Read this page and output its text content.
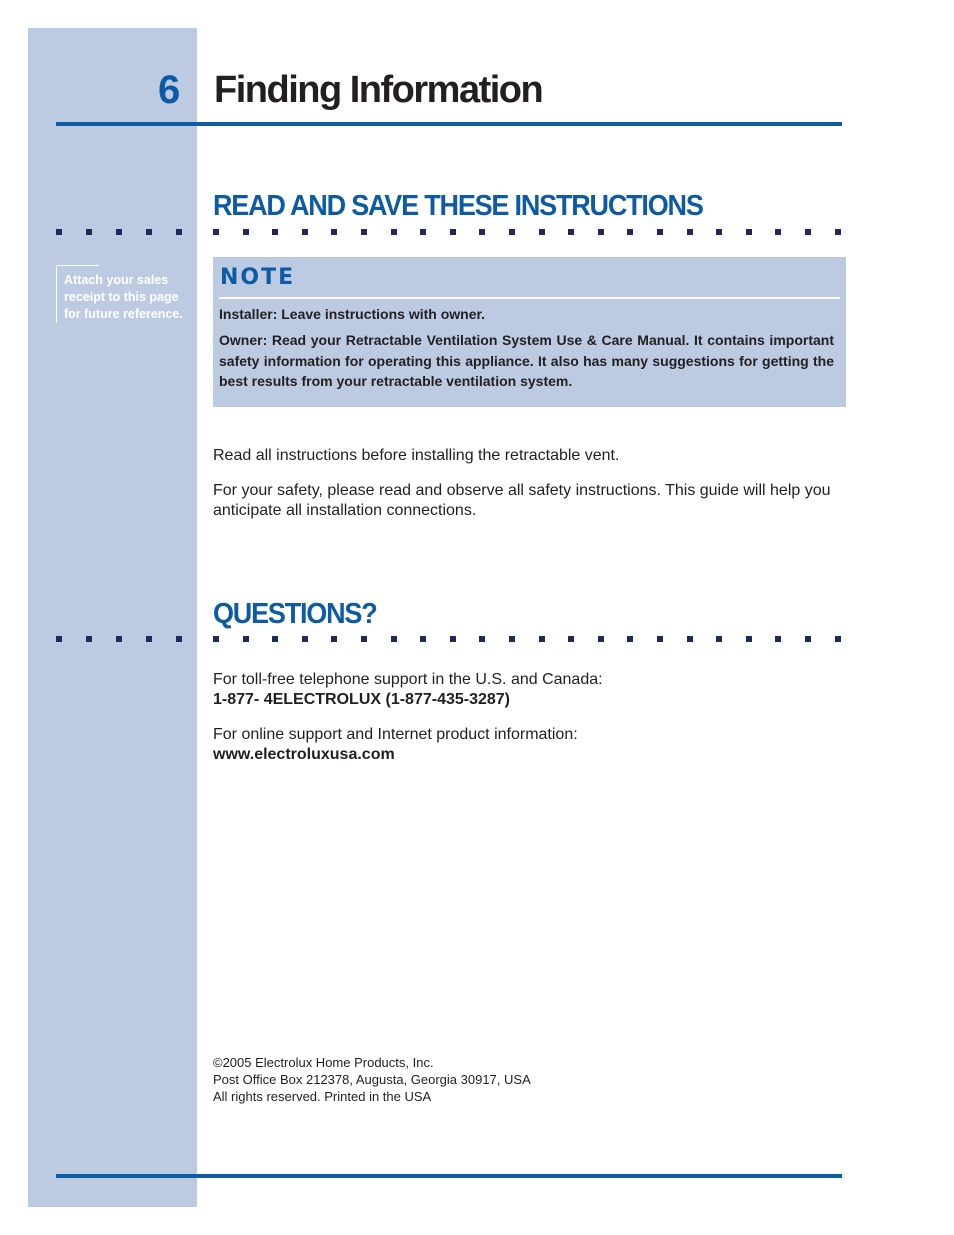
6 Finding Information
READ AND SAVE THESE INSTRUCTIONS
Attach your sales receipt to this page for future reference.
NOTE
Installer: Leave instructions with owner.
Owner: Read your Retractable Ventilation System Use & Care Manual. It contains important safety information for operating this appliance. It also has many suggestions for getting the best results from your retractable ventilation system.
Read all instructions before installing the retractable vent.
For your safety, please read and observe all safety instructions. This guide will help you anticipate all installation connections.
QUESTIONS?
For toll-free telephone support in the U.S. and Canada:
1-877- 4ELECTROLUX (1-877-435-3287)
For online support and Internet product information:
www.electroluxusa.com
©2005 Electrolux Home Products, Inc.
Post Office Box 212378, Augusta, Georgia 30917, USA
All rights reserved. Printed in the USA
